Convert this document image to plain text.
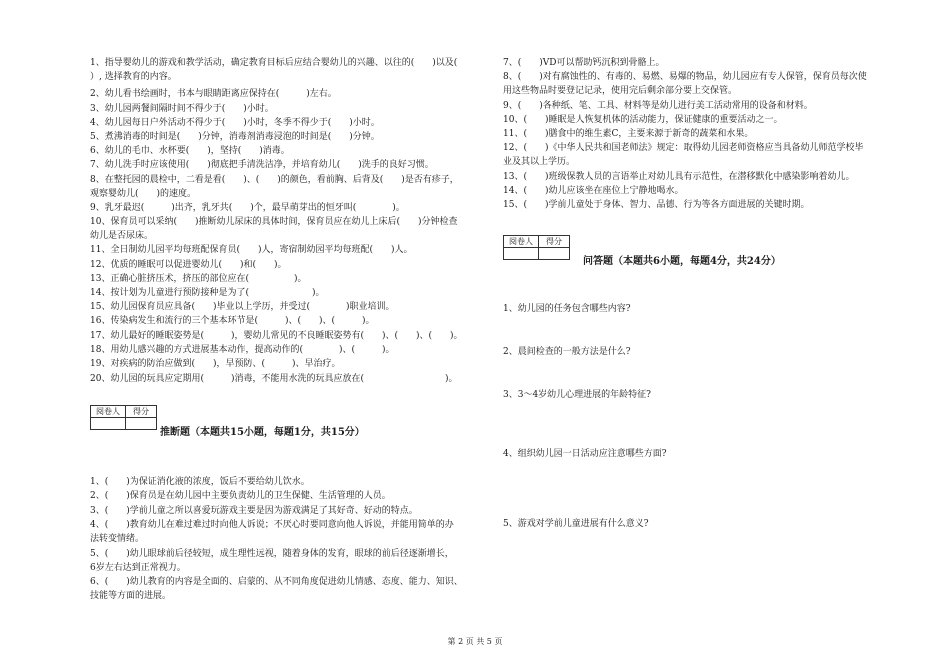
1、指导婴幼儿的游戏和教学活动，确定教育目标后应结合婴幼儿的兴趣、以往的(　　)以及(
）, 选择教育的内容。
2、幼儿看书绘画时，书本与眼睛距离应保持在(　　　)左右。
3、幼儿园两餐间隔时间不得少于(　　)小时。
4、幼儿园每日户外活动不得少于(　　)小时，冬季不得少于(　　)小时。
5、煮沸消毒的时间是(　　)分钟，消毒剂消毒浸泡的时间是(　　)分钟。
6、幼儿的毛巾、水杯要(　　)，坚持(　　)消毒。
7、幼儿洗手时应该使用(　　)彻底把手清洗洁净，并培育幼儿(　　)洗手的良好习惯。
8、在整托园的晨检中，二看是看(　　)、(　　)的颜色，看前胸、后背及(　　)是否有疹子，
观察婴幼儿(　　)的速度。
9、乳牙最迟(　　　)出齐，乳牙共(　　)个，最早萌芽出的恒牙叫(　　　　)。
10、保育员可以采纳(　　)推断幼儿尿床的具体时间，保育员应在幼儿上床后(　　)分钟检查
幼儿是否尿床。
11、全日制幼儿园平均每班配保育员(　　)人，寄宿制幼园平均每班配(　　)人。
12、优质的睡眠可以促进婴幼儿(　　)和(　　)。
13、正确心脏挤压术，挤压的部位应在(　　　　　)。
14、按计划为儿童进行预防接种是为了(　　　　　　　)。
15、幼儿园保育员应具备(　　)毕业以上学历，并受过(　　　　)职业培训。
16、传染病发生和流行的三个基本环节是(　　　)、(　　)、(　　　)。
17、幼儿最好的睡眠姿势是(　　　)，婴幼儿常见的不良睡眠姿势有(　　)、(　　)、(　　)。
18、用幼儿感兴趣的方式进展基本动作，提高动作的(　　　　)、(　　　)。
19、对疾病的防治应做到(　　)，早预防、(　　　)、早治疗。
20、幼儿园的玩具应定期用(　　　)消毒，不能用水洗的玩具应放在(　　　　　　　　　)。
阅卷人	得分

推断题（本题共15小题，每题1分，共15分）
1、(　　)为保证消化液的浓度，饭后不要给幼儿饮水。
2、(　　)保育员是在幼儿园中主要负责幼儿的卫生保健、生活管理的人员。
3、(　　)学前儿童之所以喜爱玩游戏主要是因为游戏满足了其好奇、好动的特点。
4、(　　)教育幼儿在难过难过时向他人诉说；不厌心时要同意向他人诉说，并能用简单的办
法转变情绪。
5、(　　)幼儿眼球前后径较短，成生理性远视，随着身体的发育，眼球的前后径逐渐增长，
6岁左右达到正常视力。
6、(　　)幼儿教育的内容是全面的、启蒙的、从不同角度促进幼儿情感、态度、能力、知识、
技能等方面的进展。
7、(　　)VD可以帮助钙沉积到骨骼上。
8、(　　)对有腐蚀性的、有毒的、易燃、易爆的物品，幼儿园应有专人保管，保育员每次使
用这些物品时要登记记录，使用完后剩余部分要上交保管。
9、(　　)各种纸、笔、工具、材料等是幼儿进行美工活动常用的设备和材料。
10、(　　)睡眠是人恢复机体的活动能力，保证健康的重要活动之一。
11、(　　)膳食中的维生素C，主要来源于新奇的蔬菜和水果。
12、(　　)《中华人民共和国老师法》规定：取得幼儿园老师资格应当具备幼儿师范学校毕
业及其以上学历。
13、(　　)班级保教人员的言语举止对幼儿具有示范性，在潜移默化中感染影响着幼儿。
14、(　　)幼儿应该坐在座位上宁静地喝水。
15、(　　)学前儿童处于身体、智力、品德、行为等各方面进展的关键时期。
阅卷人	得分

问答题（本题共6小题，每题4分，共24分）
1、幼儿园的任务包含哪些内容?
2、晨间检查的一般方法是什么?
3、3～4岁幼儿心理进展的年龄特征?
4、组织幼儿园一日活动应注意哪些方面?
5、游戏对学前儿童进展有什么意义?
第 2 页 共 5 页
